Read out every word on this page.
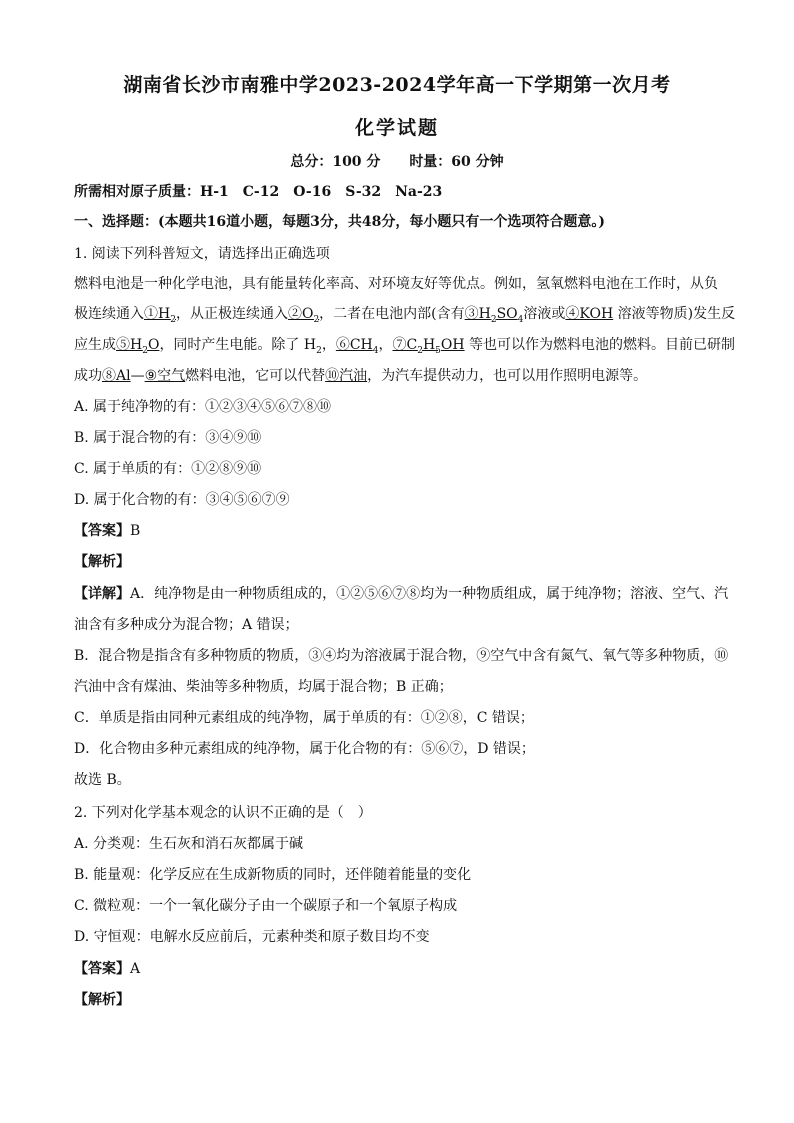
湖南省长沙市南雅中学2023-2024学年高一下学期第一次月考
化学试题
总分：100 分 时量：60 分钟
所需相对原子质量：H-1　C-12　O-16　S-32　Na-23
一、选择题：(本题共16道小题，每题3分，共48分，每小题只有一个选项符合题意。)
1. 阅读下列科普短文，请选择出正确选项
燃料电池是一种化学电池，具有能量转化率高、对环境友好等优点。例如，氢氧燃料电池在工作时，从负
极连续通入$①H_2$，从正极连续通入$②O_2$，二者在电池内部(含有$③H_2SO_4$溶液或④KOH 溶液等物质)发生反
应生成$⑤H_2O$，同时产生电能。除了 $H_2$，$⑥CH_4$，$⑦C_2H_5OH$ 等也可以作为燃料电池的燃料。目前已研制
成功⑧Al—⑨空气燃料电池，它可以代替⑩汽油，为汽车提供动力，也可以用作照明电源等。
A. 属于纯净物的有：①②③④⑤⑥⑦⑧⑩
B. 属于混合物的有：③④⑨⑩
C. 属于单质的有：①②⑧⑨⑩
D. 属于化合物的有：③④⑤⑥⑦⑨
【答案】B
【解析】
【详解】A．纯净物是由一种物质组成的，①②⑤⑥⑦⑧均为一种物质组成，属于纯净物；溶液、空气、汽
油含有多种成分为混合物；A 错误；
B．混合物是指含有多种物质的物质，③④均为溶液属于混合物，⑨空气中含有氮气、氧气等多种物质，⑩
汽油中含有煤油、柴油等多种物质，均属于混合物；B 正确；
C．单质是指由同种元素组成的纯净物，属于单质的有：①②⑧，C 错误；
D．化合物由多种元素组成的纯净物，属于化合物的有：⑤⑥⑦，D 错误；
故选 B。
2. 下列对化学基本观念的认识不正确的是（　）
A. 分类观：生石灰和消石灰都属于碱
B. 能量观：化学反应在生成新物质的同时，还伴随着能量的变化
C. 微粒观：一个一氧化碳分子由一个碳原子和一个氧原子构成
D. 守恒观：电解水反应前后，元素种类和原子数目均不变
【答案】A
【解析】
